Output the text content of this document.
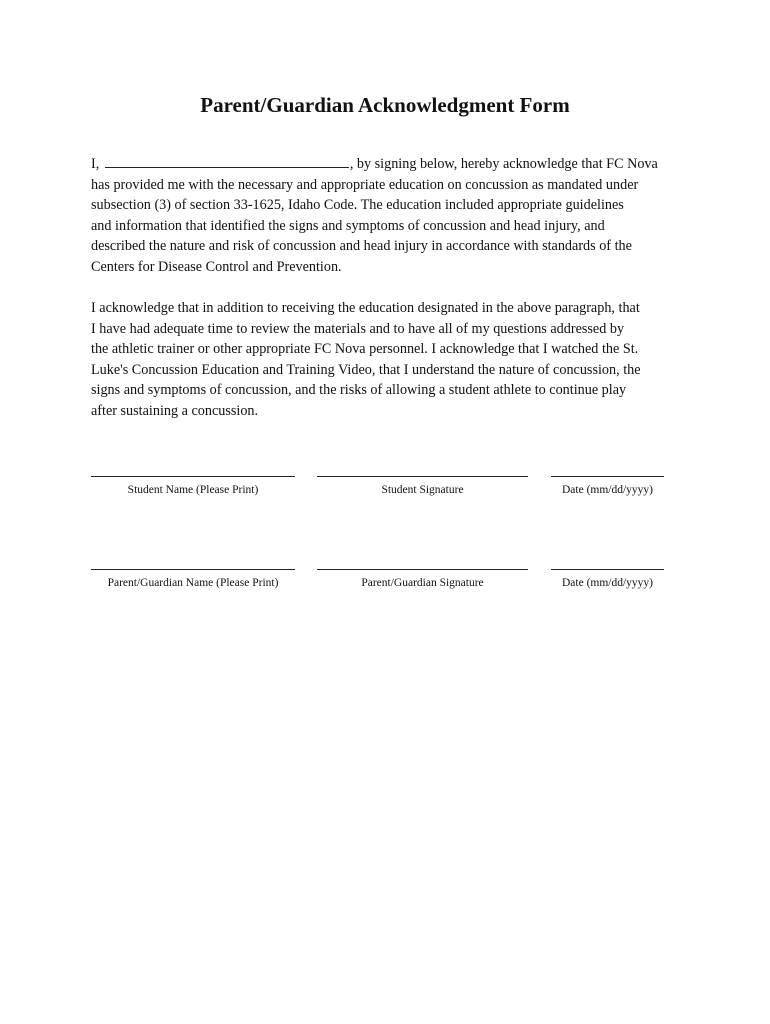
Parent/Guardian Acknowledgment Form
I,	, by signing below, hereby acknowledge that FC Nova
has provided me with the necessary and appropriate education on concussion as mandated under
subsection (3) of section 33-1625, Idaho Code. The education included appropriate guidelines
and information that identified the signs and symptoms of concussion and head injury, and
described the nature and risk of concussion and head injury in accordance with standards of the
Centers for Disease Control and Prevention.
I acknowledge that in addition to receiving the education designated in the above paragraph, that
I have had adequate time to review the materials and to have all of my questions addressed by
the athletic trainer or other appropriate FC Nova personnel. I acknowledge that I watched the St.
Luke's Concussion Education and Training Video, that I understand the nature of concussion, the
signs and symptoms of concussion, and the risks of allowing a student athlete to continue play
after sustaining a concussion.
Student Name (Please Print)	Student Signature	Date (mm/dd/yyyy)
Parent/Guardian Name (Please Print)	Parent/Guardian Signature	Date (mm/dd/yyyy)
